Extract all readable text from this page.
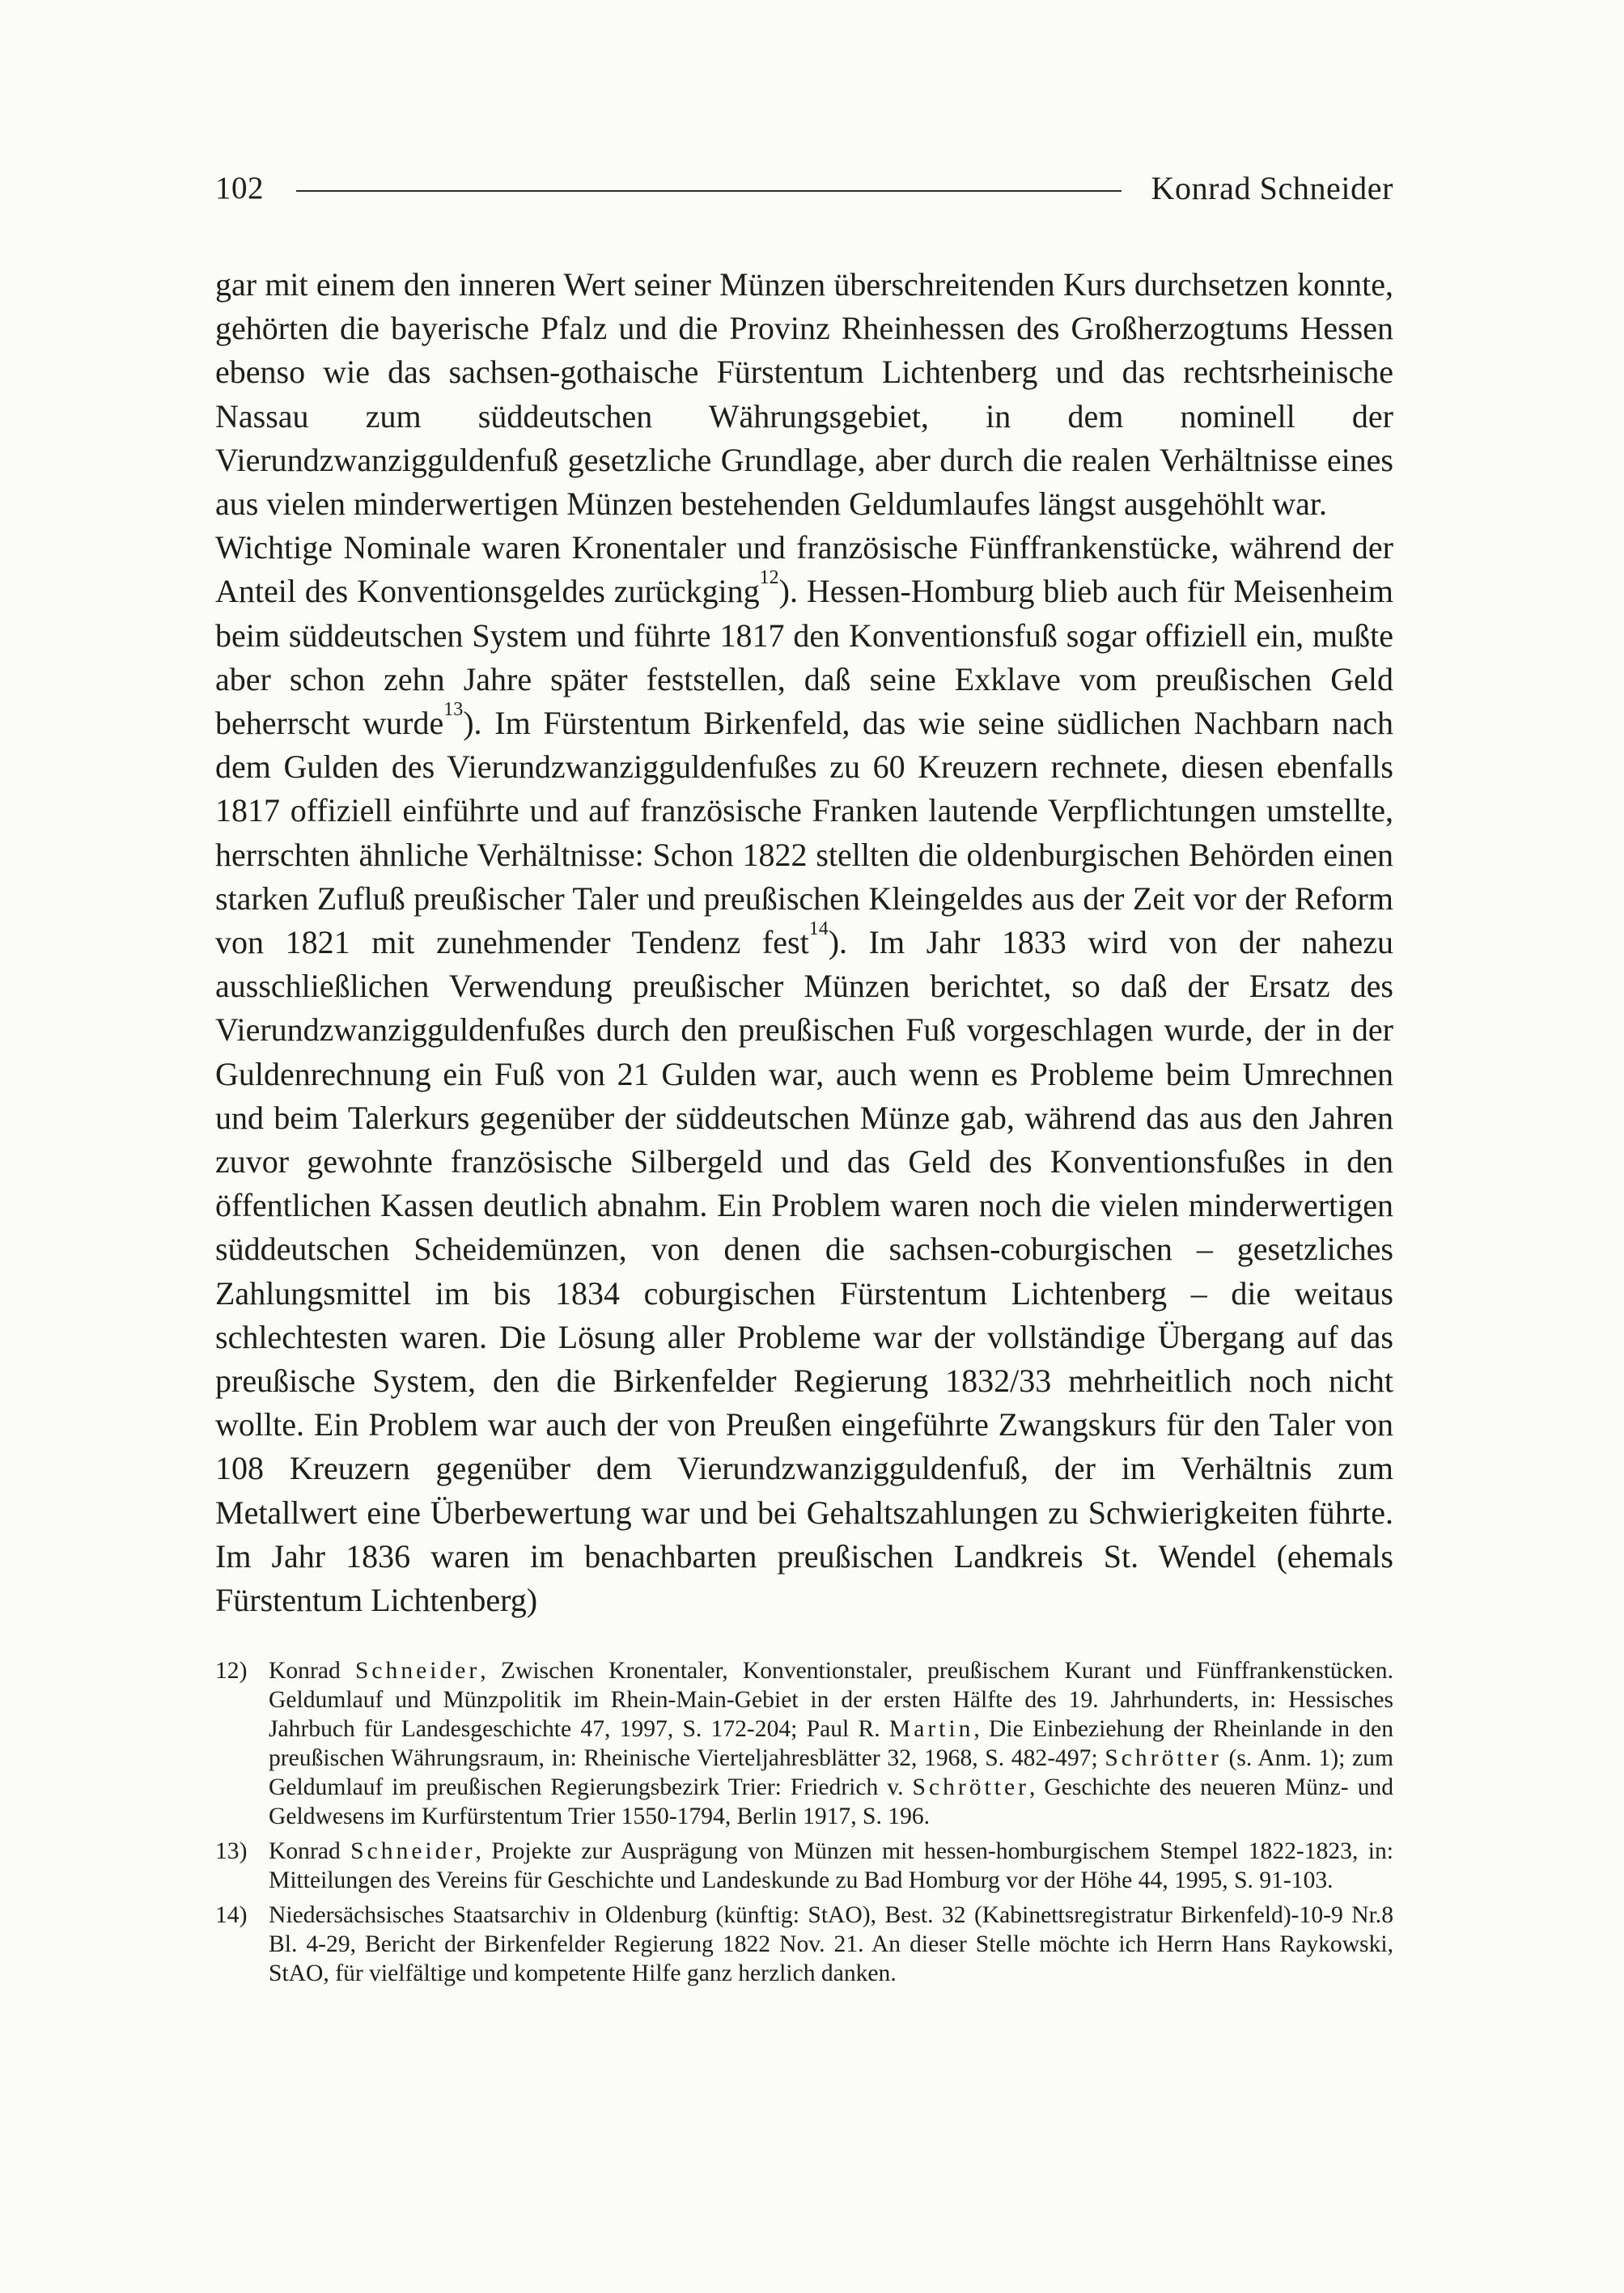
102	Konrad Schneider

gar mit einem den inneren Wert seiner Münzen überschreitenden Kurs durchsetzen konnte, gehörten die bayerische Pfalz und die Provinz Rheinhessen des Großherzogtums Hessen ebenso wie das sachsen-gothaische Fürstentum Lichtenberg und das rechtsrheinische Nassau zum süddeutschen Währungsgebiet, in dem nominell der Vierundzwanzigguldenfuß gesetzliche Grundlage, aber durch die realen Verhältnisse eines aus vielen minderwertigen Münzen bestehenden Geldumlaufes längst ausgehöhlt war.

Wichtige Nominale waren Kronentaler und französische Fünffrankenstücke, während der Anteil des Konventionsgeldes zurückging$^{12}$). Hessen-Homburg blieb auch für Meisenheim beim süddeutschen System und führte 1817 den Konventionsfuß sogar offiziell ein, mußte aber schon zehn Jahre später feststellen, daß seine Exklave vom preußischen Geld beherrscht wurde$^{13}$). Im Fürstentum Birkenfeld, das wie seine südlichen Nachbarn nach dem Gulden des Vierundzwanzigguldenfußes zu 60 Kreuzern rechnete, diesen ebenfalls 1817 offiziell einführte und auf französische Franken lautende Verpflichtungen umstellte, herrschten ähnliche Verhältnisse: Schon 1822 stellten die oldenburgischen Behörden einen starken Zufluß preußischer Taler und preußischen Kleingeldes aus der Zeit vor der Reform von 1821 mit zunehmender Tendenz fest$^{14}$). Im Jahr 1833 wird von der nahezu ausschließlichen Verwendung preußischer Münzen berichtet, so daß der Ersatz des Vierundzwanzigguldenfußes durch den preußischen Fuß vorgeschlagen wurde, der in der Guldenrechnung ein Fuß von 21 Gulden war, auch wenn es Probleme beim Umrechnen und beim Talerkurs gegenüber der süddeutschen Münze gab, während das aus den Jahren zuvor gewohnte französische Silbergeld und das Geld des Konventionsfußes in den öffentlichen Kassen deutlich abnahm. Ein Problem waren noch die vielen minderwertigen süddeutschen Scheidemünzen, von denen die sachsen-coburgischen – gesetzliches Zahlungsmittel im bis 1834 coburgischen Fürstentum Lichtenberg – die weitaus schlechtesten waren. Die Lösung aller Probleme war der vollständige Übergang auf das preußische System, den die Birkenfelder Regierung 1832/33 mehrheitlich noch nicht wollte. Ein Problem war auch der von Preußen eingeführte Zwangskurs für den Taler von 108 Kreuzern gegenüber dem Vierundzwanzigguldenfuß, der im Verhältnis zum Metallwert eine Überbewertung war und bei Gehaltszahlungen zu Schwierigkeiten führte. Im Jahr 1836 waren im benachbarten preußischen Landkreis St. Wendel (ehemals Fürstentum Lichtenberg)

12) Konrad Schneider, Zwischen Kronentaler, Konventionstaler, preußischem Kurant und Fünffrankenstücken. Geldumlauf und Münzpolitik im Rhein-Main-Gebiet in der ersten Hälfte des 19. Jahrhunderts, in: Hessisches Jahrbuch für Landesgeschichte 47, 1997, S. 172-204; Paul R. Martin, Die Einbeziehung der Rheinlande in den preußischen Währungsraum, in: Rheinische Vierteljahresblätter 32, 1968, S. 482-497; Schrötter (s. Anm. 1); zum Geldumlauf im preußischen Regierungsbezirk Trier: Friedrich v. Schrötter, Geschichte des neueren Münz- und Geldwesens im Kurfürstentum Trier 1550-1794, Berlin 1917, S. 196.
13) Konrad Schneider, Projekte zur Ausprägung von Münzen mit hessen-homburgischem Stempel 1822-1823, in: Mitteilungen des Vereins für Geschichte und Landeskunde zu Bad Homburg vor der Höhe 44, 1995, S. 91-103.
14) Niedersächsisches Staatsarchiv in Oldenburg (künftig: StAO), Best. 32 (Kabinettsregistratur Birkenfeld)-10-9 Nr.8 Bl. 4-29, Bericht der Birkenfelder Regierung 1822 Nov. 21. An dieser Stelle möchte ich Herrn Hans Raykowski, StAO, für vielfältige und kompetente Hilfe ganz herzlich danken.
